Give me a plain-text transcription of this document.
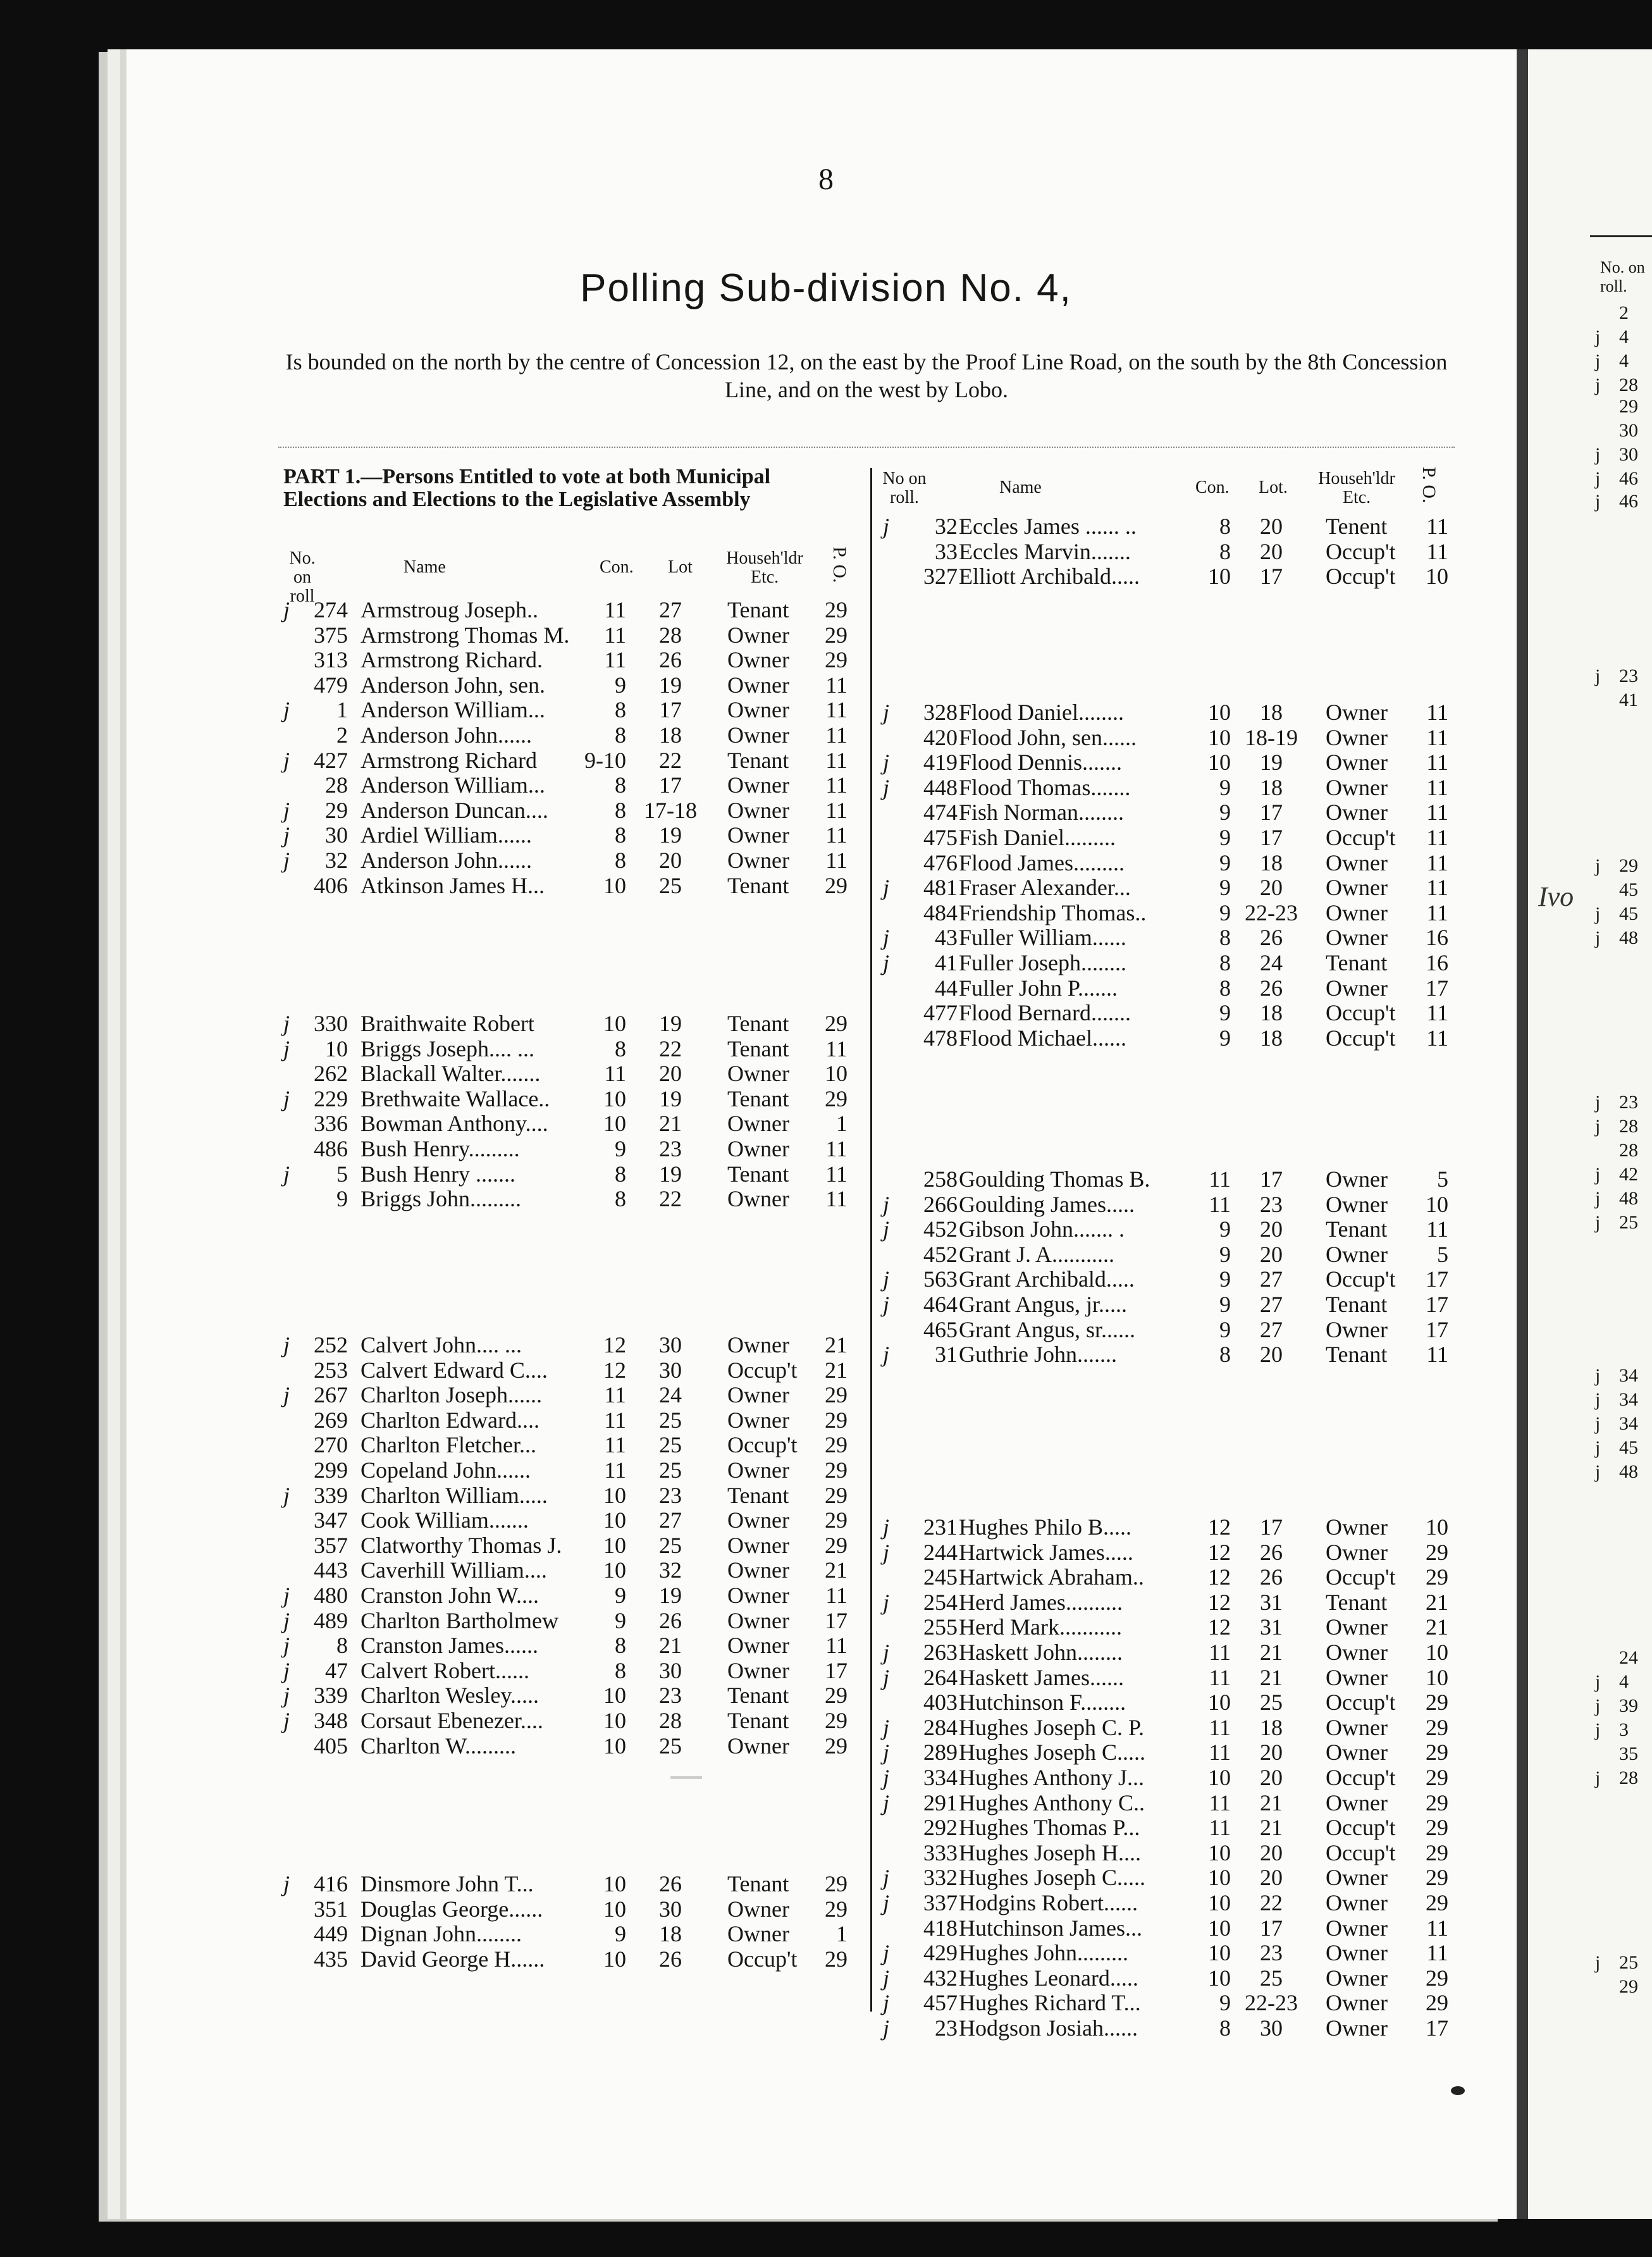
No. on roll.
2
j 4
j 4
j 28
29
30
j 30
j 46
j 46
j 23
41
j 29
45
j 45
j 48
j 23
j 28
28
j 42
j 48
j 25
j 34
j 34
j 34
j 45
j 48
24
j 4
j 39
j 3
35
j 28
j 25
29
Ivo
8
Polling Sub-division No. 4,
Is bounded on the north by the centre of Concession 12, on the east by the Proof Line Road, on the south by the 8th Concession Line, and on the west by Lobo.
PART 1.—Persons Entitled to vote at both Municipal Elections and Elections to the Legislative Assembly
No. on roll
Name	Con. Lot	Househ'ldr Etc.	P. O.
No on roll.
Name	Con. Lot.	Househ'ldr Etc.	P. O.
j	274 Armstroug Joseph..	11	27	Tenant	29
375 Armstrong Thomas M.	11	28	Owner	29
313 Armstrong Richard.	11	26	Owner	29
479 Anderson John, sen.	9	19	Owner	11
j	1 Anderson William...	8	17	Owner	11
2 Anderson John......	8	18	Owner	11
j	427 Armstrong Richard 9-10	22	Tenant	11
28 Anderson William...	8	17	Owner	11
j	29 Anderson Duncan....	8 17-18	Owner	11
j	30 Ardiel William......	8	19	Owner	11
j	32 Anderson John......	8	20	Owner	11
406 Atkinson James H...	10	25	Tenant	29
j	330 Braithwaite Robert	10	19	Tenant	29
j	10 Briggs Joseph.... ...	8	22	Tenant	11
262 Blackall Walter.......	11	20	Owner	10
j	229 Brethwaite Wallace..	10	19	Tenant	29
336 Bowman Anthony....	10	21	Owner	1
486 Bush Henry.........	9	23	Owner	11
j	5 Bush Henry .......	8	19	Tenant	11
9 Briggs John.........	8	22	Owner	11
j	252 Calvert John.... ...	12	30	Owner	21
253 Calvert Edward C....	12	30	Occup't	21
j	267 Charlton Joseph......	11	24	Owner	29
269 Charlton Edward....	11	25	Owner	29
270 Charlton Fletcher...	11	25	Occup't	29
299 Copeland John......	11	25	Owner	29
j	339 Charlton William.....	10	23	Tenant	29
347 Cook William.......	10	27	Owner	29
357 Clatworthy Thomas J.	10	25	Owner	29
443 Caverhill William....	10	32	Owner	21
j	480 Cranston John W....	9	19	Owner	11
j	489 Charlton Bartholmew	9	26	Owner	17
j	8 Cranston James......	8	21	Owner	11
j	47 Calvert Robert......	8	30	Owner	17
j	339 Charlton Wesley.....	10	23	Tenant	29
j	348 Corsaut Ebenezer....	10	28	Tenant	29
405 Charlton W.........	10	25	Owner	29
j	416 Dinsmore John T...	10	26	Tenant	29
351 Douglas George......	10	30	Owner	29
449 Dignan John........	9	18	Owner	1
435 David George H......	10	26	Occup't	29
j	32 Eccles James ...... ..	8	20	Tenent	11
33 Eccles Marvin.......	8	20	Occup't	11
327 Elliott Archibald.....	10	17	Occup't	10
j	328 Flood Daniel........	10	18	Owner	11
420 Flood John, sen......	10 18-19	Owner	11
j	419 Flood Dennis.......	10	19	Owner	11
j	448 Flood Thomas.......	9	18	Owner	11
474 Fish Norman........	9	17	Owner	11
475 Fish Daniel.........	9	17	Occup't	11
476 Flood James.........	9	18	Owner	11
j	481 Fraser Alexander...	9	20	Owner	11
484 Friendship Thomas..	9 22-23	Owner	11
j	43 Fuller William......	8	26	Owner	16
j	41 Fuller Joseph........	8	24	Tenant	16
44 Fuller John P.......	8	26	Owner	17
477 Flood Bernard.......	9	18	Occup't	11
478 Flood Michael......	9	18	Occup't	11
258 Goulding Thomas B.	11	17	Owner	5
j	266 Goulding James.....	11	23	Owner	10
j	452 Gibson John....... .	9	20	Tenant	11
452 Grant J. A...........	9	20	Owner	5
j	563 Grant Archibald.....	9	27	Occup't	17
j	464 Grant Angus, jr.....	9	27	Tenant	17
465 Grant Angus, sr......	9	27	Owner	17
j	31 Guthrie John.......	8	20	Tenant	11
j	231 Hughes Philo B.....	12	17	Owner	10
j	244 Hartwick James.....	12	26	Owner	29
245 Hartwick Abraham..	12	26	Occup't	29
j	254 Herd James..........	12	31	Tenant	21
255 Herd Mark...........	12	31	Owner	21
j	263 Haskett John........	11	21	Owner	10
j	264 Haskett James......	11	21	Owner	10
403 Hutchinson F........	10	25	Occup't	29
j	284 Hughes Joseph C. P.	11	18	Owner	29
j	289 Hughes Joseph C.....	11	20	Owner	29
j	334 Hughes Anthony J...	10	20	Occup't	29
j	291 Hughes Anthony C..	11	21	Owner	29
292 Hughes Thomas P...	11	21	Occup't	29
333 Hughes Joseph H....	10	20	Occup't	29
j	332 Hughes Joseph C.....	10	20	Owner	29
j	337 Hodgins Robert......	10	22	Owner	29
418 Hutchinson James...	10	17	Owner	11
j	429 Hughes John.........	10	23	Owner	11
j	432 Hughes Leonard.....	10	25	Owner	29
j	457 Hughes Richard T...	9 22-23	Owner	29
j	23 Hodgson Josiah......	8	30	Owner	17
